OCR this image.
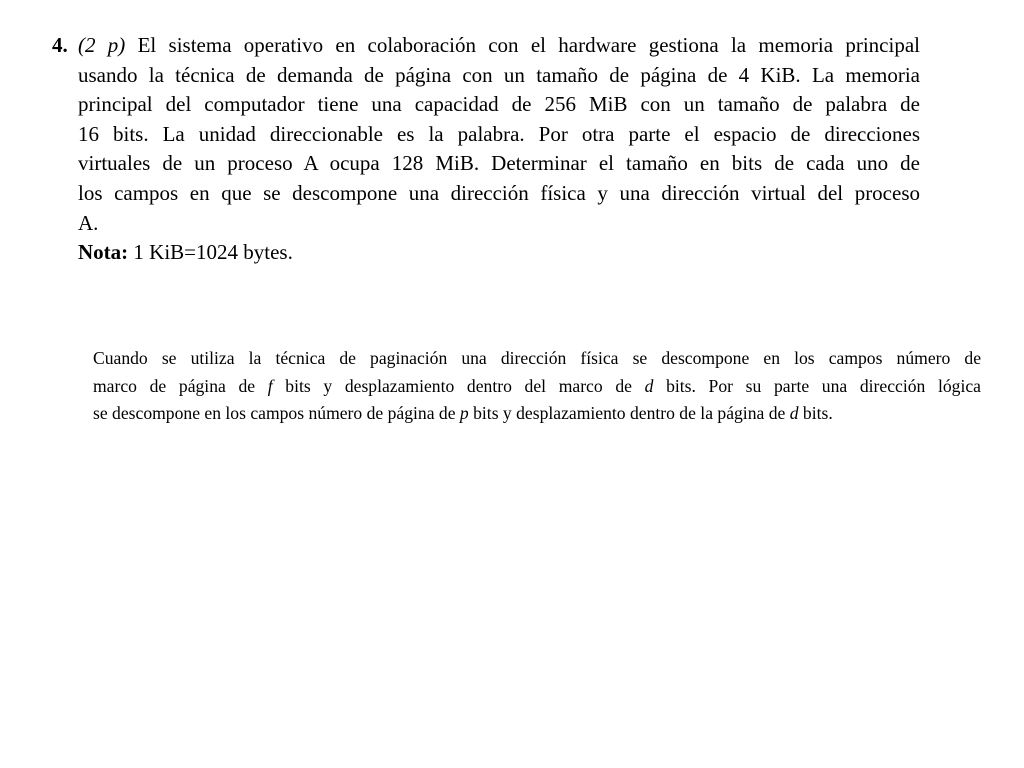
4. (2 p) El sistema operativo en colaboración con el hardware gestiona la memoria principal
usando la técnica de demanda de página con un tamaño de página de 4 KiB. La memoria
principal del computador tiene una capacidad de 256 MiB con un tamaño de palabra de
16 bits. La unidad direccionable es la palabra. Por otra parte el espacio de direcciones
virtuales de un proceso A ocupa 128 MiB. Determinar el tamaño en bits de cada uno de
los campos en que se descompone una dirección física y una dirección virtual del proceso
A.
Nota: 1 KiB=1024 bytes.
Cuando se utiliza la técnica de paginación una dirección física se descompone en los campos número de
marco de página de f bits y desplazamiento dentro del marco de d bits. Por su parte una dirección lógica
se descompone en los campos número de página de p bits y desplazamiento dentro de la página de d bits.
